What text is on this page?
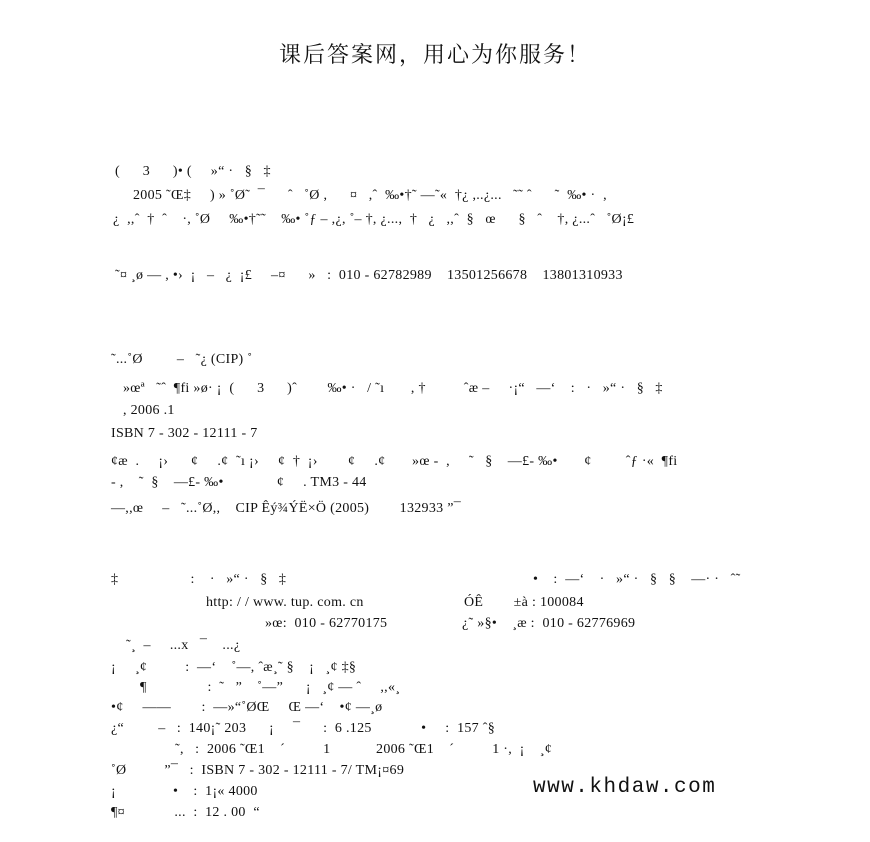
课后答案网，用心为你服务！
(      3      )• (     »“ ·   §   ‡
2005 ˜Œ‡     ) » ˚Ø˜  ¯      ˆ   ˚Ø ,      ¤   ,ˆ  ‰•†˜ —˜«  †¿ ,..¿...   ˜˜ ˆ      ˜  ‰• ·  ,
¿  ,,ˆ  †  ˆ    ·, ˚Ø     ‰•†˜˜    ‰• ˚ƒ – ,¿, ˚– †, ¿...,  †   ¿   ,,ˆ  §   œ      §   ˆ    †, ¿...ˆ   ˚Ø¡£
˜¤ ¸ø — , •›  ¡   –   ¿  ¡£     –¤      »   :  010 - 62782989    13501256678    13801310933
˜...˚Ø         –   ˜¿ (CIP) ˚
»œª   ˜ˆ  ¶fi »ø· ¡  (      3      )ˆ        ‰• ·   / ˜ı       , †          ˆæ –     ·¡“   —‘    :   ·   »“ ·   §   ‡
, 2006 .1
ISBN 7 - 302 - 12111 - 7
¢æ  .     ¡›      ¢     .¢  ˜ı ¡›     ¢  †  ¡›        ¢     .¢       »œ -  ,     ˜   §    —£- ‰•       ¢         ˆƒ ·«  ¶fi
- ,    ˜  §    —£- ‰•              ¢     . TM3 - 44
—,,œ     –   ˜...˚Ø,,    CIP Êý¾ÝË×Ö (2005)        132933 ”¯
‡                   :    ·   »“ ·   §   ‡	•    :  —‘    ·   »“ ·   §   §    —· ·   ˆ˜
http: / / www. tup. com. cn	ÓÊ        ±à : 100084
»œ:  010 - 62770175	¿˜ »§•    ¸æ :  010 - 62776969
˜¸  –     ...x   ¯    ...¿
¡     ¸¢          :  —‘    ˚—, ˆæ¸˜ §    ¡   ¸¢ ‡§
¶                :  ˜   ”    ˚—”      ¡   ¸¢ — ˆ     ,,«¸
•¢     ——        :  —»“˚ØŒ     Œ —‘    •¢ —¸ø
¿“         –   :  140¡˜ 203      ¡     ¯      :  6 .125             •     :  157 ˆ§
˜,   :  2006 ˜Œ1    ´          1            2006 ˜Œ1    ´          1 ·,  ¡    ¸¢
˚Ø          ”¯   :  ISBN 7 - 302 - 12111 - 7/ TM¡¤69
¡               •    :  1¡« 4000
¶¤             ...  :  12 . 00  “
www.khdaw.com
